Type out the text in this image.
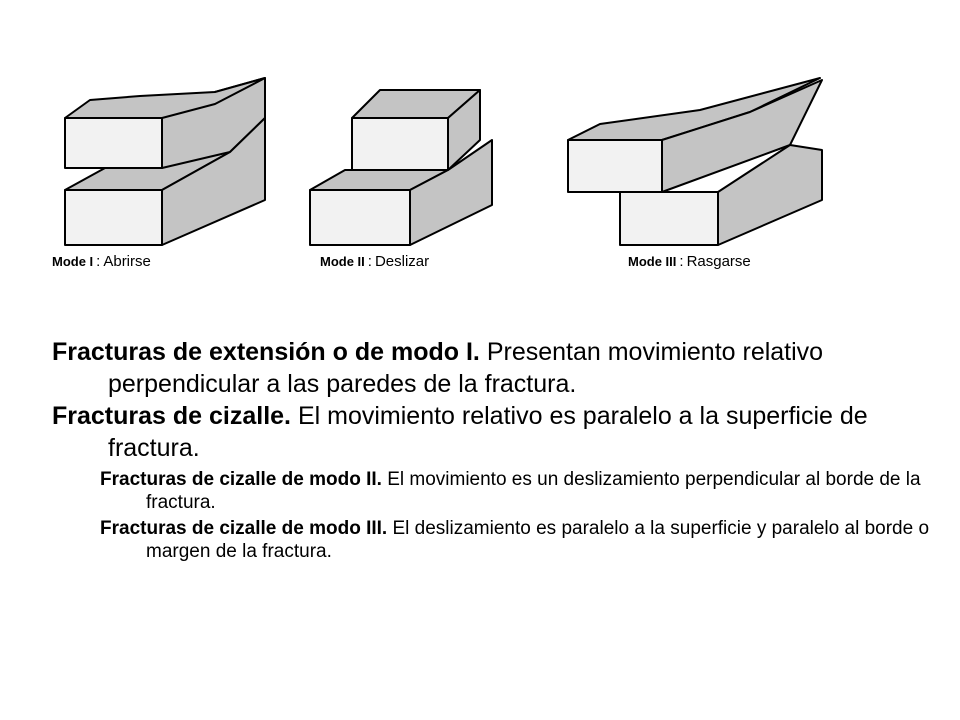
Mode I : Abrirse	Mode II : Deslizar	Mode III : Rasgarse

Fracturas de extensión o de modo I. Presentan movimiento relativo perpendicular a las paredes de la fractura.

Fracturas de cizalle. El movimiento relativo es paralelo a la superficie de fractura.

Fracturas de cizalle de modo II. El movimiento es un deslizamiento perpendicular al borde de la fractura.

Fracturas de cizalle de modo III. El deslizamiento es paralelo a la superficie y paralelo al borde o margen de la fractura.
